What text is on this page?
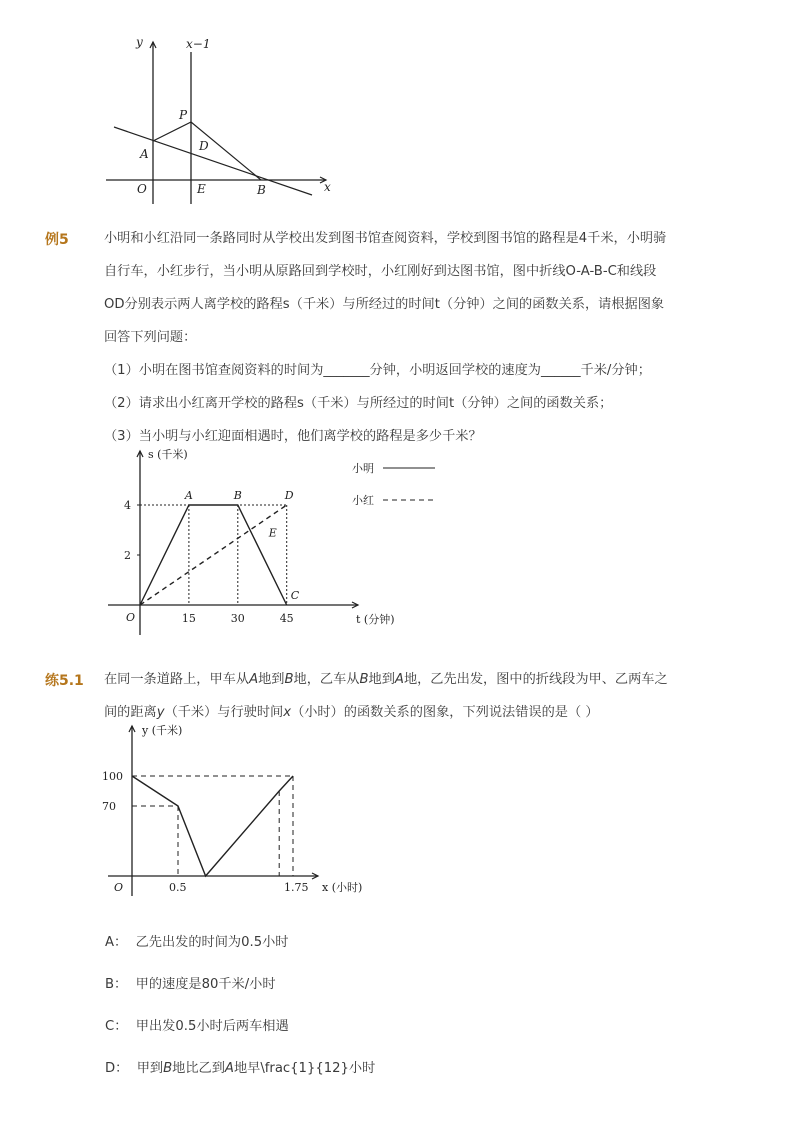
y	x−1
P
A
D
O	E	B	x
例5	小明和小红沿同一条路同时从学校出发到图书馆查阅资料，学校到图书馆的路程是4千米，小明骑
自行车，小红步行，当小明从原路回到学校时，小红刚好到达图书馆，图中折线O-A-B-C和线段
OD分别表示两人离学校的路程s（千米）与所经过的时间t（分钟）之间的函数关系，请根据图象
回答下列问题：
（1）小明在图书馆查阅资料的时间为_______分钟，小明返回学校的速度为______千米/分钟；
（2）请求出小红离开学校的路程s（千米）与所经过的时间t（分钟）之间的函数关系；
（3）当小明与小红迎面相遇时，他们离学校的路程是多少千米？
s (千米)
t (分钟)
O
2
4
15	30	45
A	B	D
E
C
小明
小红
练5.1 在同一条道路上，甲车从A地到B地，乙车从B地到A地，乙先出发，图中的折线段为甲、乙两车之
间的距离y（千米）与行驶时间x（小时）的函数关系的图象，下列说法错误的是（ ）
y (千米)
x (小时)
O
70
100
0.5	1.75
A： 乙先出发的时间为0.5小时
B： 甲的速度是80千米/小时
C： 甲出发0.5小时后两车相遇
D： 甲到B地比乙到A地早\frac{1}{12}小时
